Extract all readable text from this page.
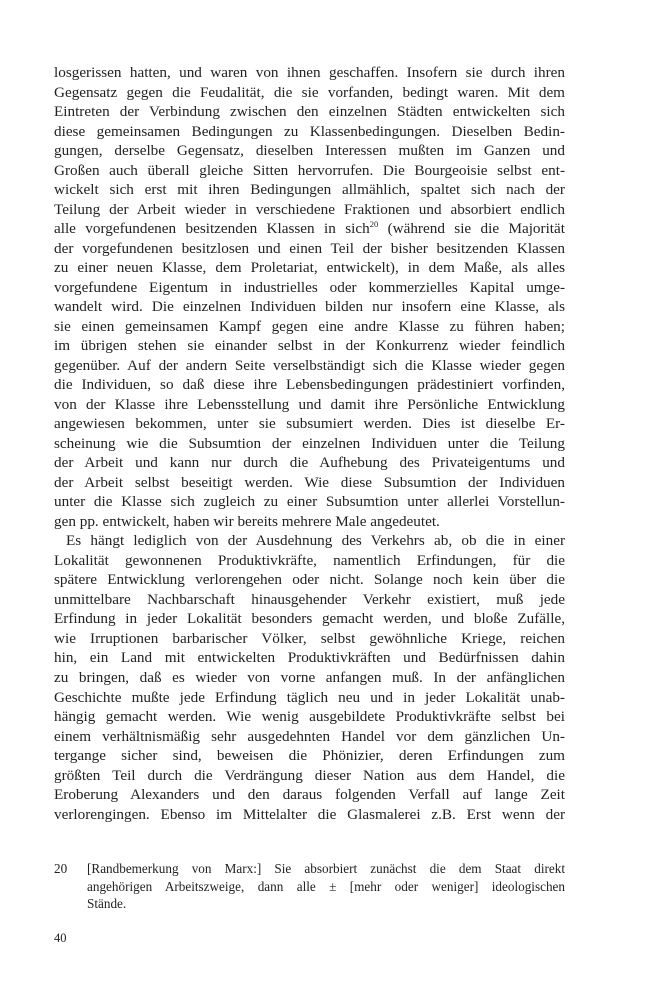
losgerissen hatten, und waren von ihnen geschaffen. Insofern sie durch ihren
Gegensatz gegen die Feudalität, die sie vorfanden, bedingt waren. Mit dem
Eintreten der Verbindung zwischen den einzelnen Städten entwickelten sich
diese gemeinsamen Bedingungen zu Klassenbedingungen. Dieselben Bedin-
gungen, derselbe Gegensatz, dieselben Interessen mußten im Ganzen und
Großen auch überall gleiche Sitten hervorrufen. Die Bourgeoisie selbst ent-
wickelt sich erst mit ihren Bedingungen allmählich, spaltet sich nach der
Teilung der Arbeit wieder in verschiedene Fraktionen und absorbiert endlich
alle vorgefundenen besitzenden Klassen in sich$^{20}$ (während sie die Majorität
der vorgefundenen besitzlosen und einen Teil der bisher besitzenden Klassen
zu einer neuen Klasse, dem Proletariat, entwickelt), in dem Maße, als alles
vorgefundene Eigentum in industrielles oder kommerzielles Kapital umge-
wandelt wird. Die einzelnen Individuen bilden nur insofern eine Klasse, als
sie einen gemeinsamen Kampf gegen eine andre Klasse zu führen haben;
im übrigen stehen sie einander selbst in der Konkurrenz wieder feindlich
gegenüber. Auf der andern Seite verselbständigt sich die Klasse wieder gegen
die Individuen, so daß diese ihre Lebensbedingungen prädestiniert vorfinden,
von der Klasse ihre Lebensstellung und damit ihre Persönliche Entwicklung
angewiesen bekommen, unter sie subsumiert werden. Dies ist dieselbe Er-
scheinung wie die Subsumtion der einzelnen Individuen unter die Teilung
der Arbeit und kann nur durch die Aufhebung des Privateigentums und
der Arbeit selbst beseitigt werden. Wie diese Subsumtion der Individuen
unter die Klasse sich zugleich zu einer Subsumtion unter allerlei Vorstellun-
gen pp. entwickelt, haben wir bereits mehrere Male angedeutet.
Es hängt lediglich von der Ausdehnung des Verkehrs ab, ob die in einer
Lokalität gewonnenen Produktivkräfte, namentlich Erfindungen, für die
spätere Entwicklung verlorengehen oder nicht. Solange noch kein über die
unmittelbare Nachbarschaft hinausgehender Verkehr existiert, muß jede
Erfindung in jeder Lokalität besonders gemacht werden, und bloße Zufälle,
wie Irruptionen barbarischer Völker, selbst gewöhnliche Kriege, reichen
hin, ein Land mit entwickelten Produktivkräften und Bedürfnissen dahin
zu bringen, daß es wieder von vorne anfangen muß. In der anfänglichen
Geschichte mußte jede Erfindung täglich neu und in jeder Lokalität unab-
hängig gemacht werden. Wie wenig ausgebildete Produktivkräfte selbst bei
einem verhältnismäßig sehr ausgedehnten Handel vor dem gänzlichen Un-
tergange sicher sind, beweisen die Phönizier, deren Erfindungen zum
größten Teil durch die Verdrängung dieser Nation aus dem Handel, die
Eroberung Alexanders und den daraus folgenden Verfall auf lange Zeit
verlorengingen. Ebenso im Mittelalter die Glasmalerei z.B. Erst wenn der
20 [Randbemerkung von Marx:] Sie absorbiert zunächst die dem Staat direkt
angehörigen Arbeitszweige, dann alle ± [mehr oder weniger] ideologischen
Stände.
40
